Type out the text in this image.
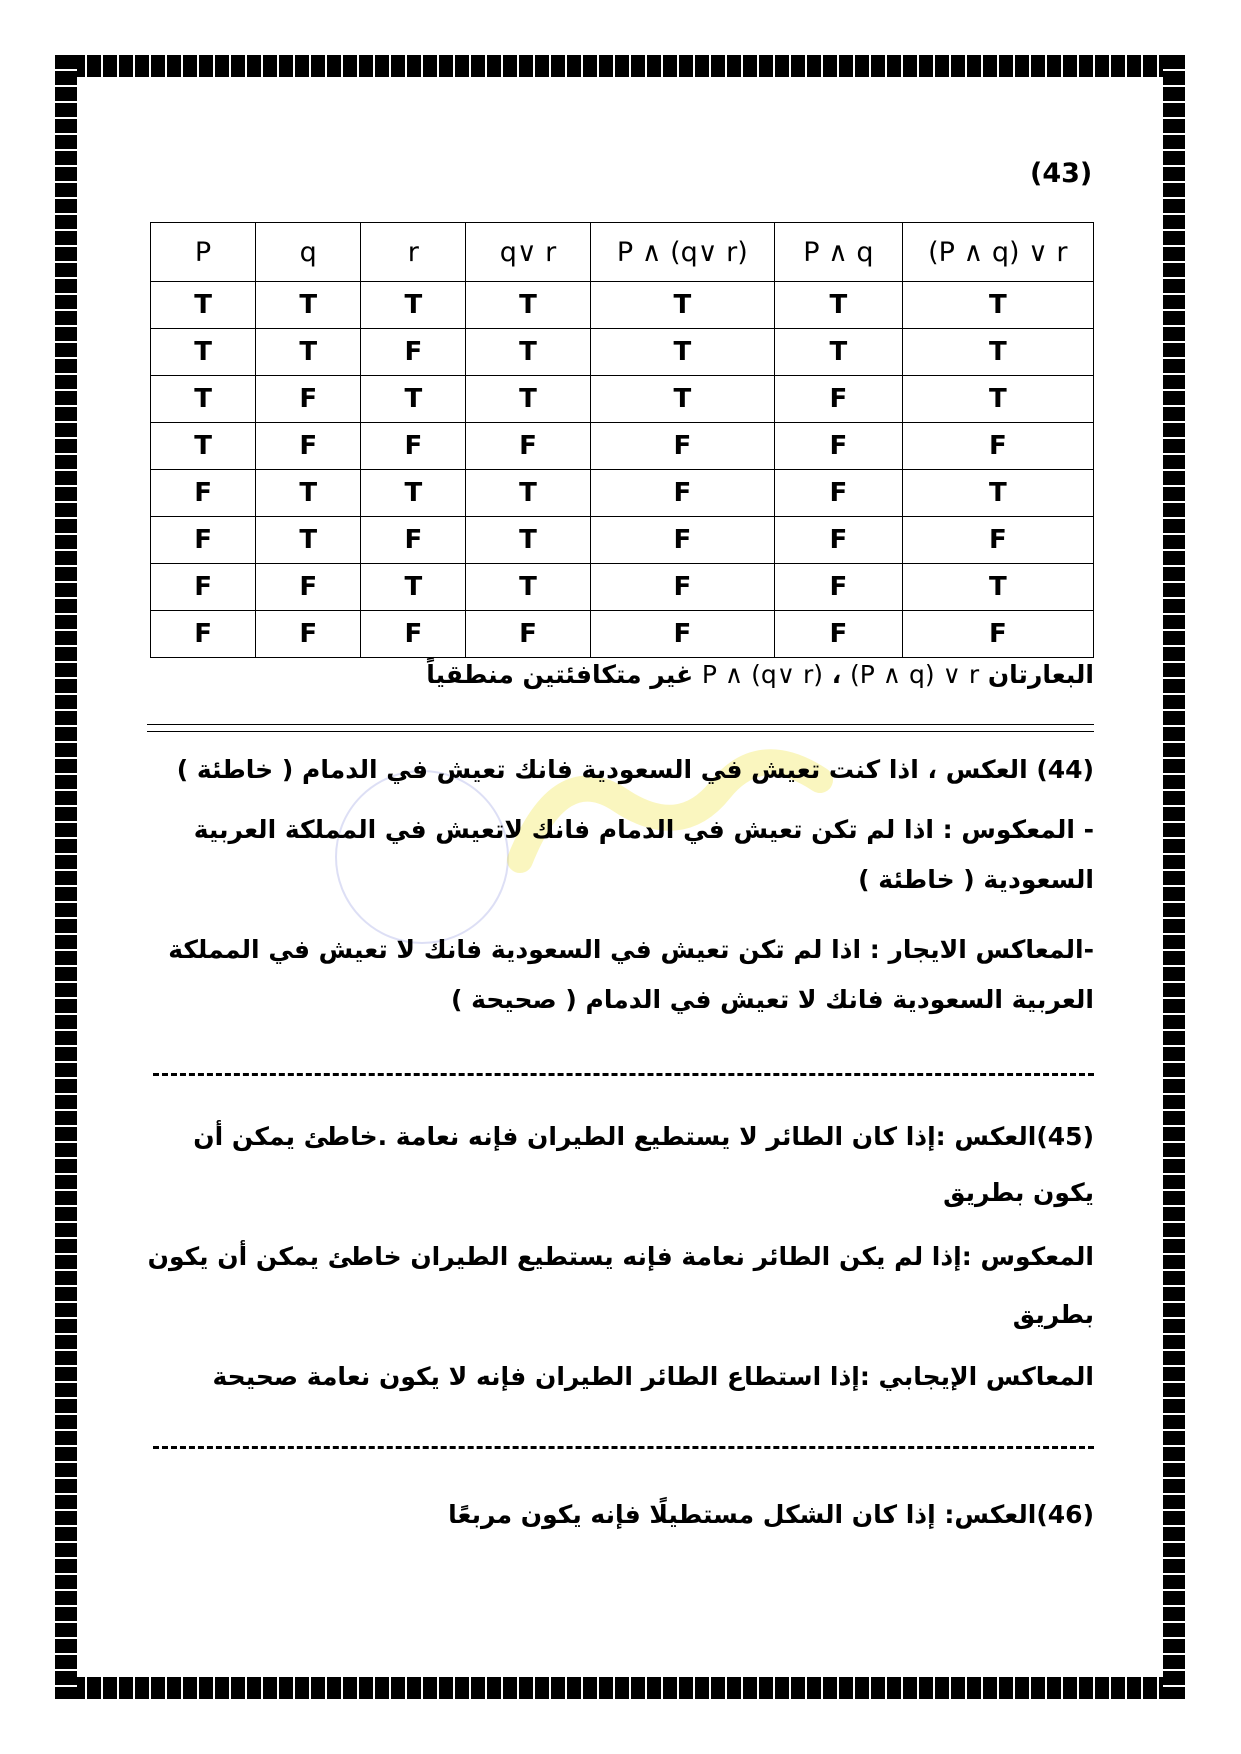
(43)
P	q	r	q∨ r	P ∧ (q∨ r)	P ∧ q	(P ∧ q) ∨ r
T	T	T	T	T	T	T
T	T	F	T	T	T	T
T	F	T	T	T	F	T
T	F	F	F	F	F	F
F	T	T	T	F	F	T
F	T	F	T	F	F	F
F	F	T	T	F	F	T
F	F	F	F	F	F	F
البعارتان (P ∧ q) ∨ r ، P ∧ (q∨ r) غير متكافئتين منطقياً
(44) العكس ، اذا كنت تعيش في السعودية فانك تعيش في الدمام ( خاطئة )
- المعكوس : اذا لم تكن تعيش في الدمام فانك لاتعيش في المملكة العربية
السعودية ( خاطئة )
-المعاكس الايجار : اذا لم تكن تعيش في السعودية فانك لا تعيش في المملكة
العربية السعودية فانك لا تعيش في الدمام ( صحيحة )
(45)العكس :إذا كان الطائر لا يستطيع الطيران فإنه نعامة .خاطئ يمكن أن
يكون بطريق
المعكوس :إذا لم يكن الطائر نعامة فإنه يستطيع الطيران خاطئ يمكن أن يكون
بطريق
المعاكس الإيجابي :إذا استطاع الطائر الطيران فإنه لا يكون نعامة صحيحة
(46)العكس: إذا كان الشكل مستطيلًا فإنه يكون مربعًا
